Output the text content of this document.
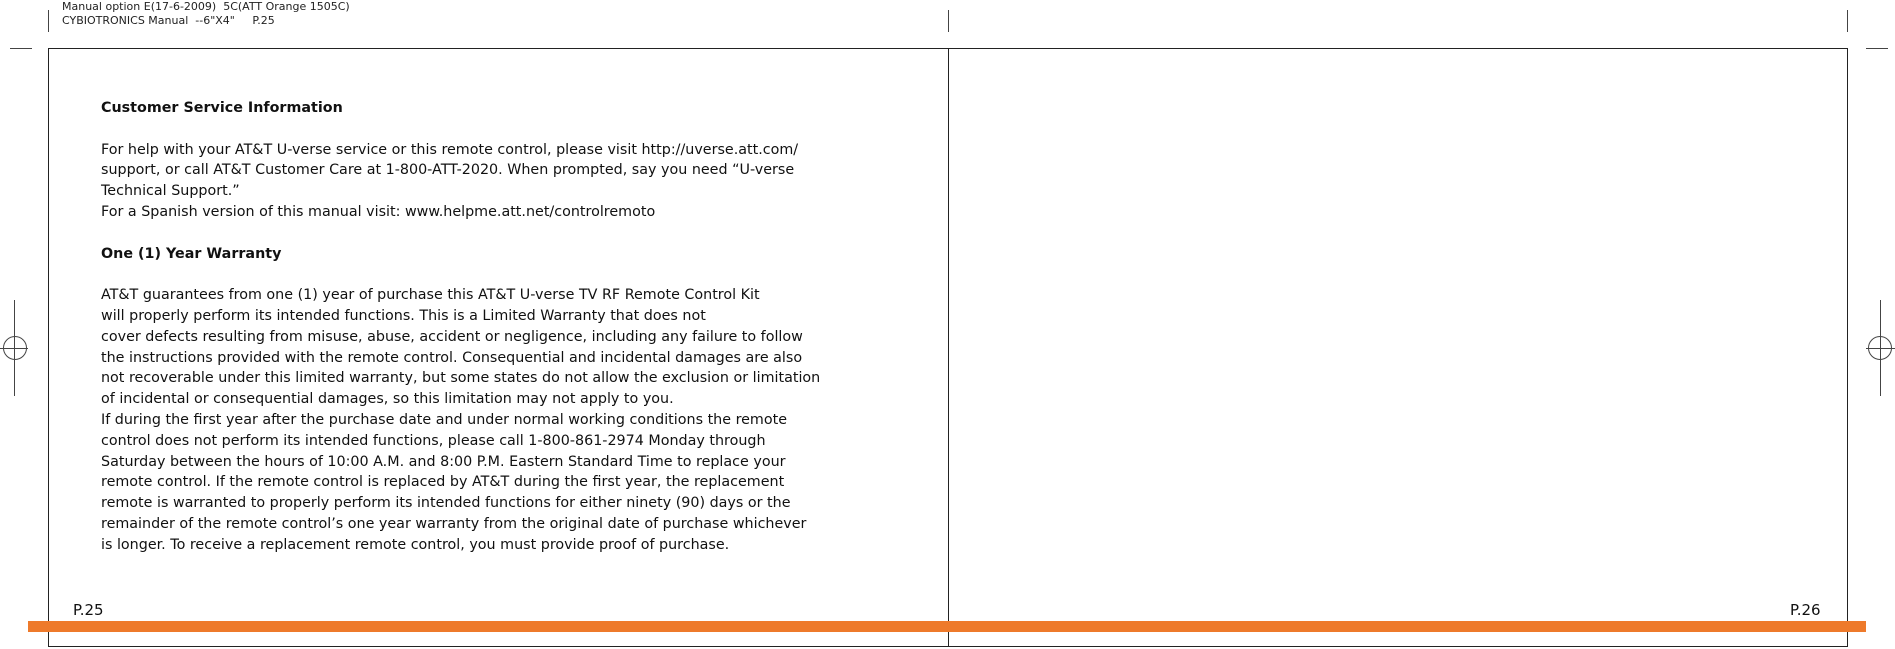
Manual option E(17-6-2009)  5C(ATT Orange 1505C)
CYBIOTRONICS Manual  --6"X4"     P.25

Customer Service Information

For help with your AT&T U-verse service or this remote control, please visit http://uverse.att.com/
support, or call AT&T Customer Care at 1-800-ATT-2020. When prompted, say you need “U-verse
Technical Support.”
For a Spanish version of this manual visit: www.helpme.att.net/controlremoto

One (1) Year Warranty

AT&T guarantees from one (1) year of purchase this AT&T U-verse TV RF Remote Control Kit
will properly perform its intended functions. This is a Limited Warranty that does not
cover defects resulting from misuse, abuse, accident or negligence, including any failure to follow
the instructions provided with the remote control. Consequential and incidental damages are also
not recoverable under this limited warranty, but some states do not allow the exclusion or limitation
of incidental or consequential damages, so this limitation may not apply to you.
If during the first year after the purchase date and under normal working conditions the remote
control does not perform its intended functions, please call 1-800-861-2974 Monday through
Saturday between the hours of 10:00 A.M. and 8:00 P.M. Eastern Standard Time to replace your
remote control. If the remote control is replaced by AT&T during the first year, the replacement
remote is warranted to properly perform its intended functions for either ninety (90) days or the
remainder of the remote control’s one year warranty from the original date of purchase whichever
is longer. To receive a replacement remote control, you must provide proof of purchase.

P.25	P.26
